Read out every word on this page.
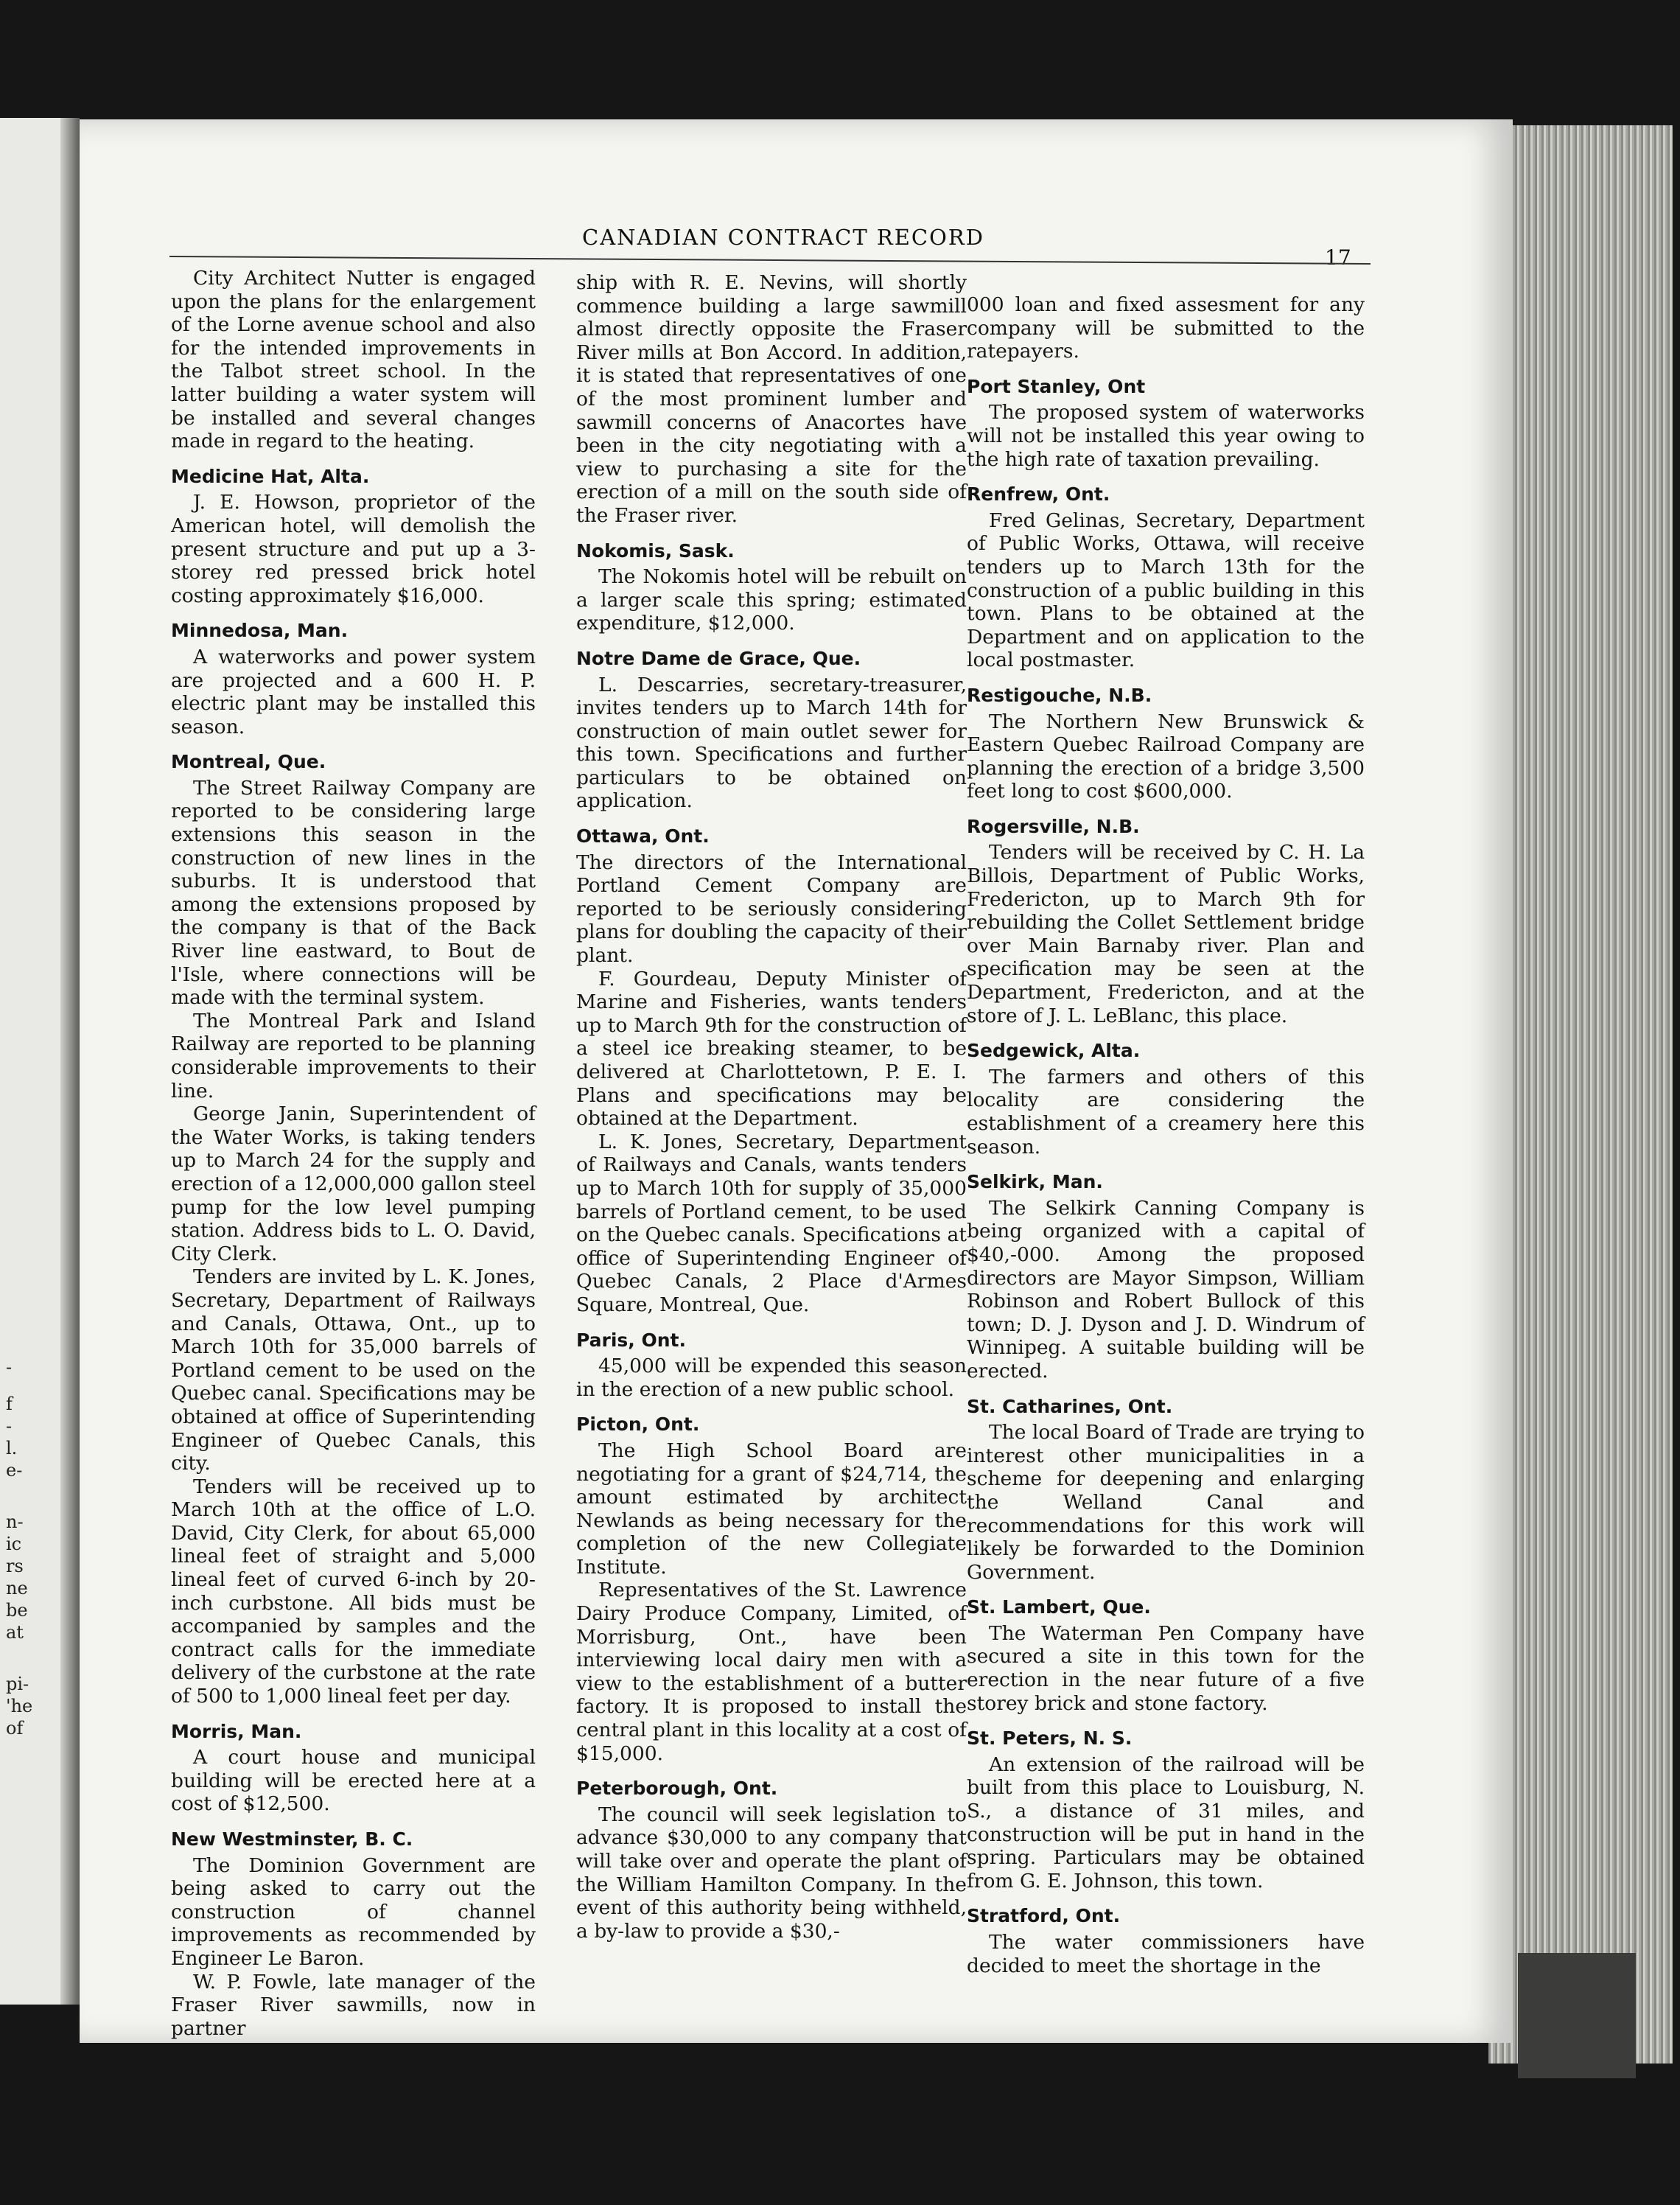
-
f
-
l.
e-
n-
ic
rs
ne
be
at
pi-
'he
of
CANADIAN CONTRACT RECORD
17

City Architect Nutter is engaged upon the plans for the enlargement of the Lorne avenue school and also for the intended improvements in the Talbot street school. In the latter building a water system will be installed and several changes made in regard to the heating.

Medicine Hat, Alta.

J. E. Howson, proprietor of the American hotel, will demolish the present structure and put up a 3-storey red pressed brick hotel costing approximately $16,000.

Minnedosa, Man.

A waterworks and power system are projected and a 600 H. P. electric plant may be installed this season.

Montreal, Que.

The Street Railway Company are reported to be considering large extensions this season in the construction of new lines in the suburbs. It is understood that among the extensions proposed by the company is that of the Back River line eastward, to Bout de l'Isle, where connections will be made with the terminal system.

The Montreal Park and Island Railway are reported to be planning considerable improvements to their line.

George Janin, Superintendent of the Water Works, is taking tenders up to March 24 for the supply and erection of a 12,000,000 gallon steel pump for the low level pumping station. Address bids to L. O. David, City Clerk.

Tenders are invited by L. K. Jones, Secretary, Department of Railways and Canals, Ottawa, Ont., up to March 10th for 35,000 barrels of Portland cement to be used on the Quebec canal. Specifications may be obtained at office of Superintending Engineer of Quebec Canals, this city.

Tenders will be received up to March 10th at the office of L.O. David, City Clerk, for about 65,000 lineal feet of straight and 5,000 lineal feet of curved 6-inch by 20-inch curbstone. All bids must be accompanied by samples and the contract calls for the immediate delivery of the curbstone at the rate of 500 to 1,000 lineal feet per day.

Morris, Man.

A court house and municipal building will be erected here at a cost of $12,500.

New Westminster, B. C.

The Dominion Government are being asked to carry out the construction of channel improvements as recommended by Engineer Le Baron.

W. P. Fowle, late manager of the Fraser River sawmills, now in partner

ship with R. E. Nevins, will shortly commence building a large sawmill almost directly opposite the Fraser River mills at Bon Accord. In addition, it is stated that representatives of one of the most prominent lumber and sawmill concerns of Anacortes have been in the city negotiating with a view to purchasing a site for the erection of a mill on the south side of the Fraser river.

Nokomis, Sask.

The Nokomis hotel will be rebuilt on a larger scale this spring; estimated expenditure, $12,000.

Notre Dame de Grace, Que.

L. Descarries, secretary-treasurer, invites tenders up to March 14th for construction of main outlet sewer for this town. Specifications and further particulars to be obtained on application.

Ottawa, Ont.

The directors of the International Portland Cement Company are reported to be seriously considering plans for doubling the capacity of their plant.

F. Gourdeau, Deputy Minister of Marine and Fisheries, wants tenders up to March 9th for the construction of a steel ice breaking steamer, to be delivered at Charlottetown, P. E. I. Plans and specifications may be obtained at the Department.

L. K. Jones, Secretary, Department of Railways and Canals, wants tenders up to March 10th for supply of 35,000 barrels of Portland cement, to be used on the Quebec canals. Specifications at office of Superintending Engineer of Quebec Canals, 2 Place d'Armes Square, Montreal, Que.

Paris, Ont.

45,000 will be expended this season in the erection of a new public school.

Picton, Ont.

The High School Board are negotiating for a grant of $24,714, the amount estimated by architect Newlands as being necessary for the completion of the new Collegiate Institute.

Representatives of the St. Lawrence Dairy Produce Company, Limited, of Morrisburg, Ont., have been interviewing local dairy men with a view to the establishment of a butter factory. It is proposed to install the central plant in this locality at a cost of $15,000.

Peterborough, Ont.

The council will seek legislation to advance $30,000 to any company that will take over and operate the plant of the William Hamilton Company. In the event of this authority being withheld, a by-law to provide a $30,-

000 loan and fixed assesment for any company will be submitted to the ratepayers.

Port Stanley, Ont

The proposed system of waterworks will not be installed this year owing to the high rate of taxation prevailing.

Renfrew, Ont.

Fred Gelinas, Secretary, Department of Public Works, Ottawa, will receive tenders up to March 13th for the construction of a public building in this town. Plans to be obtained at the Department and on application to the local postmaster.

Restigouche, N.B.

The Northern New Brunswick & Eastern Quebec Railroad Company are planning the erection of a bridge 3,500 feet long to cost $600,000.

Rogersville, N.B.

Tenders will be received by C. H. La Billois, Department of Public Works, Fredericton, up to March 9th for rebuilding the Collet Settlement bridge over Main Barnaby river. Plan and specification may be seen at the Department, Fredericton, and at the store of J. L. LeBlanc, this place.

Sedgewick, Alta.

The farmers and others of this locality are considering the establishment of a creamery here this season.

Selkirk, Man.

The Selkirk Canning Company is being organized with a capital of $40,-000. Among the proposed directors are Mayor Simpson, William Robinson and Robert Bullock of this town; D. J. Dyson and J. D. Windrum of Winnipeg. A suitable building will be erected.

St. Catharines, Ont.

The local Board of Trade are trying to interest other municipalities in a scheme for deepening and enlarging the Welland Canal and recommendations for this work will likely be forwarded to the Dominion Government.

St. Lambert, Que.

The Waterman Pen Company have secured a site in this town for the erection in the near future of a five storey brick and stone factory.

St. Peters, N. S.

An extension of the railroad will be built from this place to Louisburg, N. S., a distance of 31 miles, and construction will be put in hand in the spring. Particulars may be obtained from G. E. Johnson, this town.

Stratford, Ont.

The water commissioners have decided to meet the shortage in the
